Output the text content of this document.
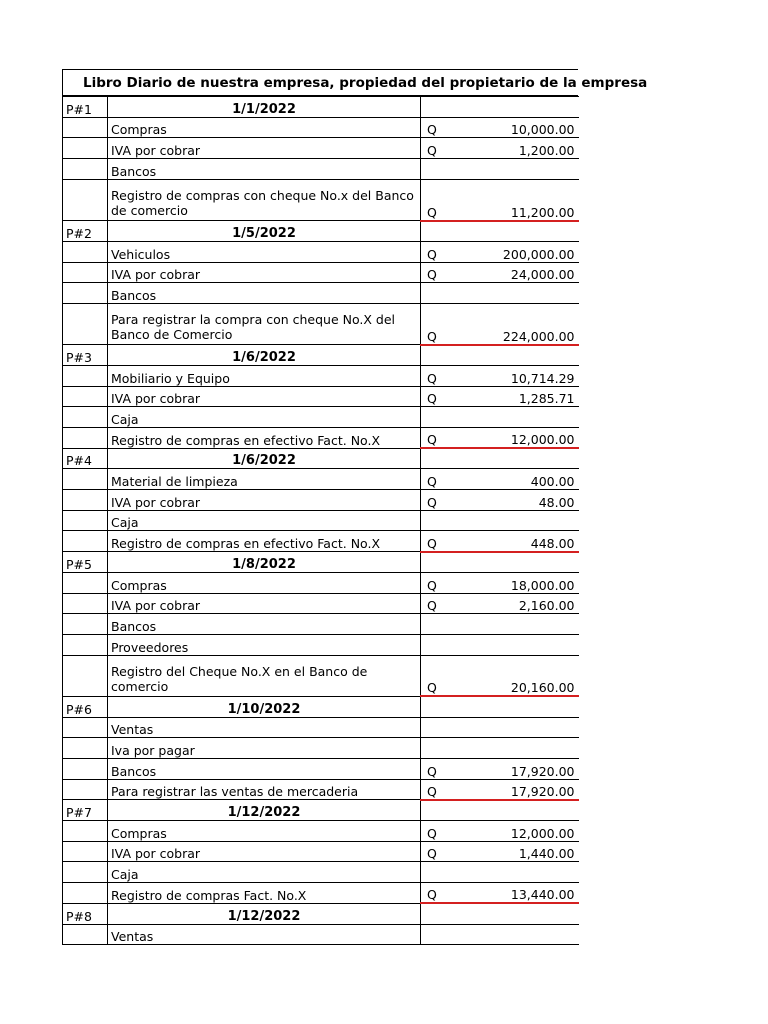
Libro Diario de nuestra empresa, propiedad del propietario de la empresa
P#1	1/1/2022	
	Compras	Q 10,000.00

	IVA por cobrar	Q 1,200.00

	Bancos	
	Registro de compras con cheque No.x del Banco de comercio	Q 11,200.00

P#2	1/5/2022	
	Vehiculos	Q 200,000.00

	IVA por cobrar	Q 24,000.00

	Bancos	
	Para registrar la compra con cheque No.X del Banco de Comercio	Q 224,000.00

P#3	1/6/2022	
	Mobiliario y Equipo	Q 10,714.29

	IVA por cobrar	Q 1,285.71

	Caja	
	Registro de compras en efectivo Fact. No.X	Q 12,000.00

P#4	1/6/2022	
	Material de limpieza	Q 400.00

	IVA por cobrar	Q 48.00

	Caja	
	Registro de compras en efectivo Fact. No.X	Q 448.00

P#5	1/8/2022	
	Compras	Q 18,000.00

	IVA por cobrar	Q 2,160.00

	Bancos	
	Proveedores	
	Registro del Cheque No.X en el Banco de comercio	Q 20,160.00

P#6	1/10/2022	
	Ventas	
	Iva por pagar	
	Bancos	Q 17,920.00

	Para registrar las ventas de mercaderia	Q 17,920.00

P#7	1/12/2022	
	Compras	Q 12,000.00

	IVA por cobrar	Q 1,440.00

	Caja	
	Registro de compras Fact. No.X	Q 13,440.00

P#8	1/12/2022	
	Ventas	
